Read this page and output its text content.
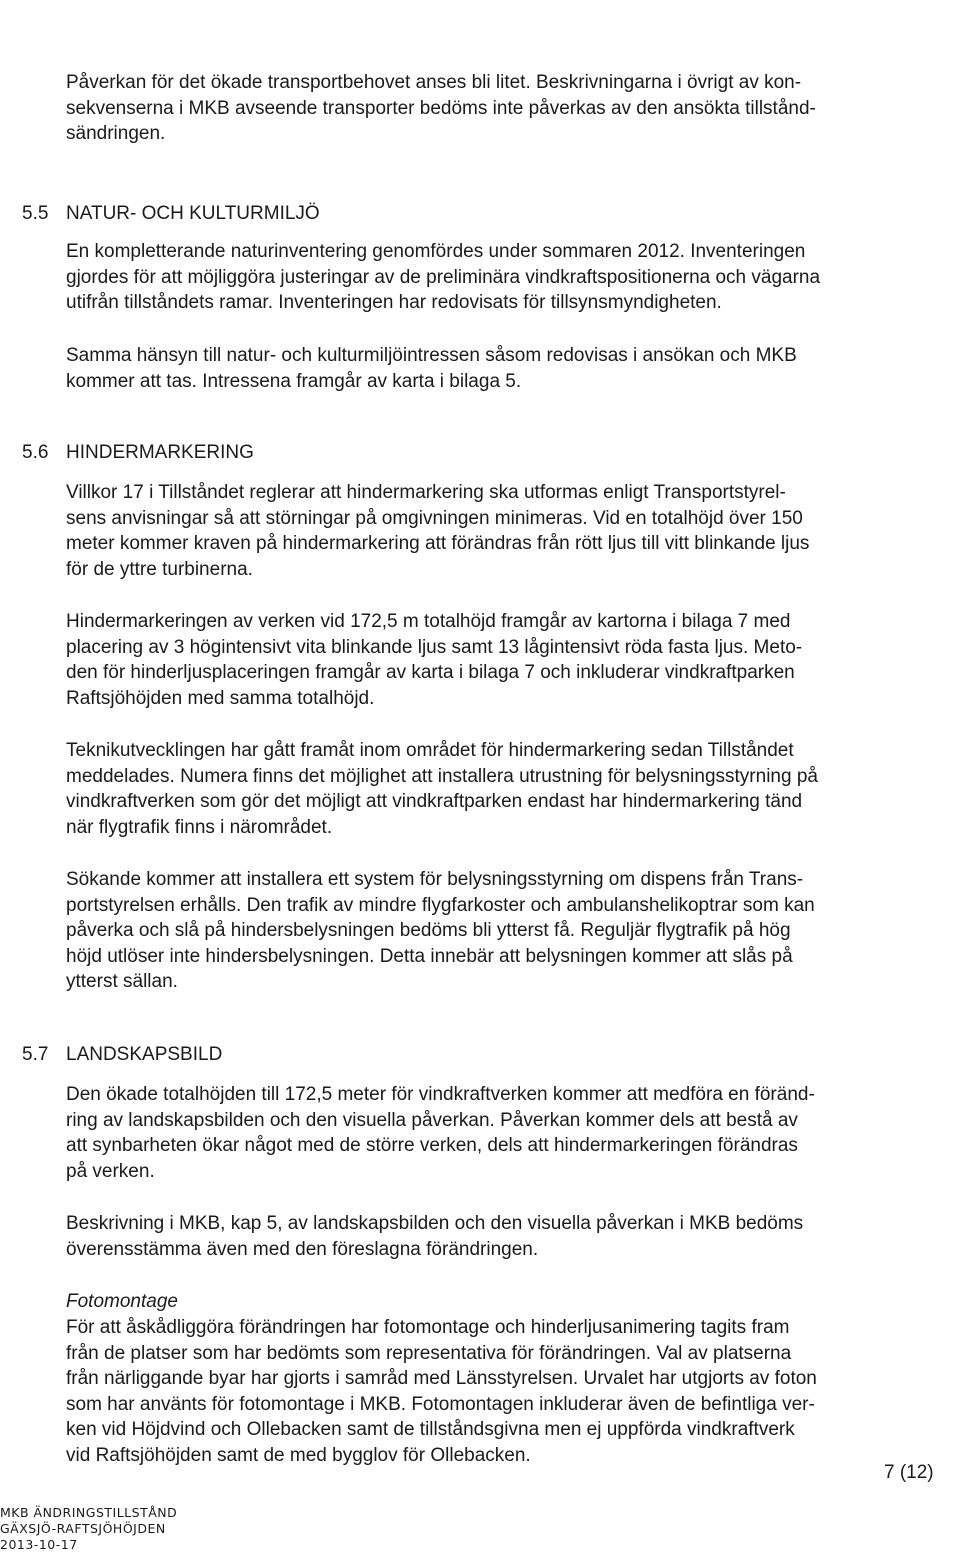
Påverkan för det ökade transportbehovet anses bli litet. Beskrivningarna i övrigt av kon-
sekvenserna i MKB avseende transporter bedöms inte påverkas av den ansökta tillstånd-
sändringen.
5.5 NATUR- OCH KULTURMILJÖ
En kompletterande naturinventering genomfördes under sommaren 2012. Inventeringen
gjordes för att möjliggöra justeringar av de preliminära vindkraftspositionerna och vägarna
utifrån tillståndets ramar. Inventeringen har redovisats för tillsynsmyndigheten.
Samma hänsyn till natur- och kulturmiljöintressen såsom redovisas i ansökan och MKB
kommer att tas. Intressena framgår av karta i bilaga 5.
5.6 HINDERMARKERING
Villkor 17 i Tillståndet reglerar att hindermarkering ska utformas enligt Transportstyrel-
sens anvisningar så att störningar på omgivningen minimeras. Vid en totalhöjd över 150
meter kommer kraven på hindermarkering att förändras från rött ljus till vitt blinkande ljus
för de yttre turbinerna.
Hindermarkeringen av verken vid 172,5 m totalhöjd framgår av kartorna i bilaga 7 med
placering av 3 högintensivt vita blinkande ljus samt 13 lågintensivt röda fasta ljus. Meto-
den för hinderljusplaceringen framgår av karta i bilaga 7 och inkluderar vindkraftparken
Raftsjöhöjden med samma totalhöjd.
Teknikutvecklingen har gått framåt inom området för hindermarkering sedan Tillståndet
meddelades. Numera finns det möjlighet att installera utrustning för belysningsstyrning på
vindkraftverken som gör det möjligt att vindkraftparken endast har hindermarkering tänd
när flygtrafik finns i närområdet.
Sökande kommer att installera ett system för belysningsstyrning om dispens från Trans-
portstyrelsen erhålls. Den trafik av mindre flygfarkoster och ambulanshelikoptrar som kan
påverka och slå på hindersbelysningen bedöms bli ytterst få. Reguljär flygtrafik på hög
höjd utlöser inte hindersbelysningen. Detta innebär att belysningen kommer att slås på
ytterst sällan.
5.7 LANDSKAPSBILD
Den ökade totalhöjden till 172,5 meter för vindkraftverken kommer att medföra en föränd-
ring av landskapsbilden och den visuella påverkan. Påverkan kommer dels att bestå av
att synbarheten ökar något med de större verken, dels att hindermarkeringen förändras
på verken.
Beskrivning i MKB, kap 5, av landskapsbilden och den visuella påverkan i MKB bedöms
överensstämma även med den föreslagna förändringen.
Fotomontage
För att åskådliggöra förändringen har fotomontage och hinderljusanimering tagits fram
från de platser som har bedömts som representativa för förändringen. Val av platserna
från närliggande byar har gjorts i samråd med Länsstyrelsen. Urvalet har utgjorts av foton
som har använts för fotomontage i MKB. Fotomontagen inkluderar även de befintliga ver-
ken vid Höjdvind och Ollebacken samt de tillståndsgivna men ej uppförda vindkraftverk
vid Raftsjöhöjden samt de med bygglov för Ollebacken.
7 (12)
MKB ÄNDRINGSTILLSTÅND
GÄXSJÖ-RAFTSJÖHÖJDEN
2013-10-17
